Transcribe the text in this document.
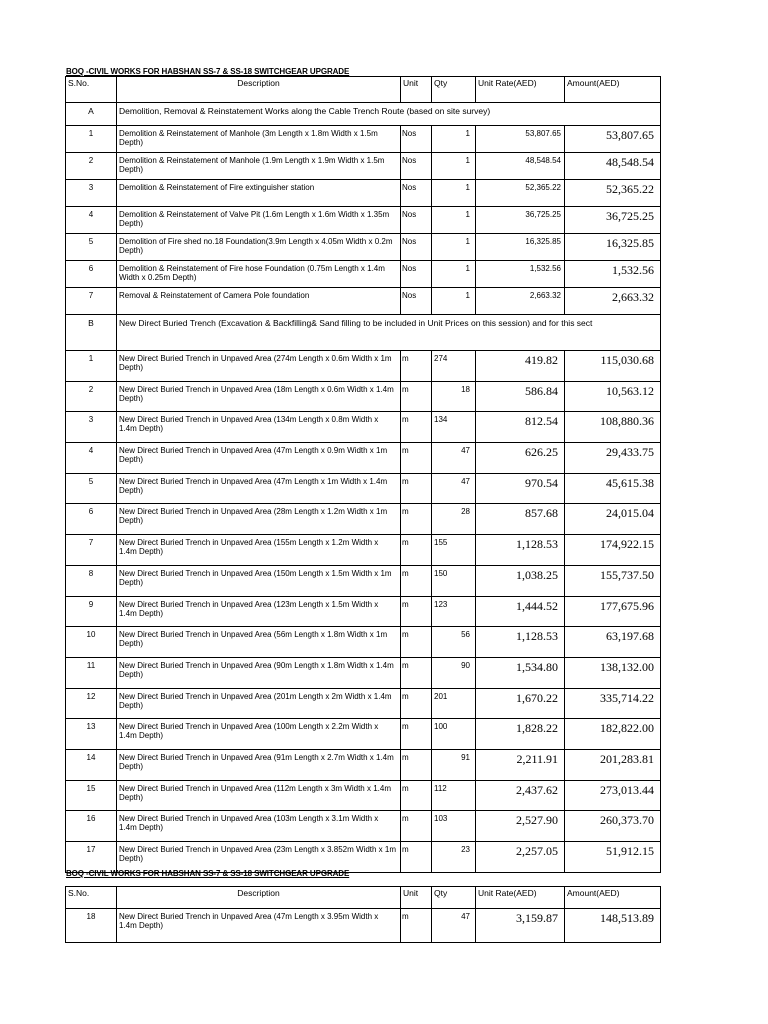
BOQ -CIVIL WORKS FOR HABSHAN SS-7 & SS-18 SWITCHGEAR UPGRADE
S.No.	Description	Unit	Qty	Unit Rate(AED)	Amount(AED)
A	Demolition, Removal & Reinstatement Works along the Cable Trench Route (based on site survey)				
1	Demolition & Reinstatement of Manhole (3m Length x 1.8m Width x 1.5m Depth)	Nos	1	53,807.65	53,807.65
2	Demolition & Reinstatement of Manhole (1.9m Length x 1.9m Width x 1.5m Depth)	Nos	1	48,548.54	48,548.54
3	Demolition & Reinstatement of Fire extinguisher station	Nos	1	52,365.22	52,365.22
4	Demolition & Reinstatement of Valve Pit (1.6m Length x 1.6m Width x 1.35m Depth)	Nos	1	36,725.25	36,725.25
5	Demolition of Fire shed no.18 Foundation(3.9m Length x 4.05m Width x 0.2m Depth)	Nos	1	16,325.85	16,325.85
6	Demolition & Reinstatement of Fire hose Foundation (0.75m Length x 1.4m Width x 0.25m Depth)	Nos	1	1,532.56	1,532.56
7	Removal & Reinstatement of Camera Pole foundation	Nos	1	2,663.32	2,663.32
B	New Direct Buried Trench (Excavation & Backfilling& Sand filling to be included in Unit Prices on this session) and for this sect				
1	New Direct Buried Trench in Unpaved Area (274m Length x 0.6m Width x 1m Depth)	m	274	419.82	115,030.68
2	New Direct Buried Trench in Unpaved Area (18m Length x 0.6m Width x 1.4m Depth)	m	18	586.84	10,563.12
3	New Direct Buried Trench in Unpaved Area (134m Length x 0.8m Width x 1.4m Depth)	m	134	812.54	108,880.36
4	New Direct Buried Trench in Unpaved Area (47m Length x 0.9m Width x 1m Depth)	m	47	626.25	29,433.75
5	New Direct Buried Trench in Unpaved Area (47m Length x 1m Width x 1.4m Depth)	m	47	970.54	45,615.38
6	New Direct Buried Trench in Unpaved Area (28m Length x 1.2m Width x 1m Depth)	m	28	857.68	24,015.04
7	New Direct Buried Trench in Unpaved Area (155m Length x 1.2m Width x 1.4m Depth)	m	155	1,128.53	174,922.15
8	New Direct Buried Trench in Unpaved Area (150m Length x 1.5m Width x 1m Depth)	m	150	1,038.25	155,737.50
9	New Direct Buried Trench in Unpaved Area (123m Length x 1.5m Width x 1.4m Depth)	m	123	1,444.52	177,675.96
10	New Direct Buried Trench in Unpaved Area (56m Length x 1.8m Width x 1m Depth)	m	56	1,128.53	63,197.68
11	New Direct Buried Trench in Unpaved Area (90m Length x 1.8m Width x 1.4m Depth)	m	90	1,534.80	138,132.00
12	New Direct Buried Trench in Unpaved Area (201m Length x 2m Width x 1.4m Depth)	m	201	1,670.22	335,714.22
13	New Direct Buried Trench in Unpaved Area (100m Length x 2.2m Width x 1.4m Depth)	m	100	1,828.22	182,822.00
14	New Direct Buried Trench in Unpaved Area (91m Length x 2.7m Width x 1.4m Depth)	m	91	2,211.91	201,283.81
15	New Direct Buried Trench in Unpaved Area (112m Length x 3m Width x 1.4m Depth)	m	112	2,437.62	273,013.44
16	New Direct Buried Trench in Unpaved Area (103m Length x 3.1m Width x 1.4m Depth)	m	103	2,527.90	260,373.70
17	New Direct Buried Trench in Unpaved Area (23m Length x 3.852m Width x 1m Depth)	m	23	2,257.05	51,912.15
BOQ -CIVIL WORKS FOR HABSHAN SS-7 & SS-18 SWITCHGEAR UPGRADE
S.No.	Description	Unit	Qty	Unit Rate(AED)	Amount(AED)
18	New Direct Buried Trench in Unpaved Area (47m Length x 3.95m Width x 1.4m Depth)	m	47	3,159.87	148,513.89
